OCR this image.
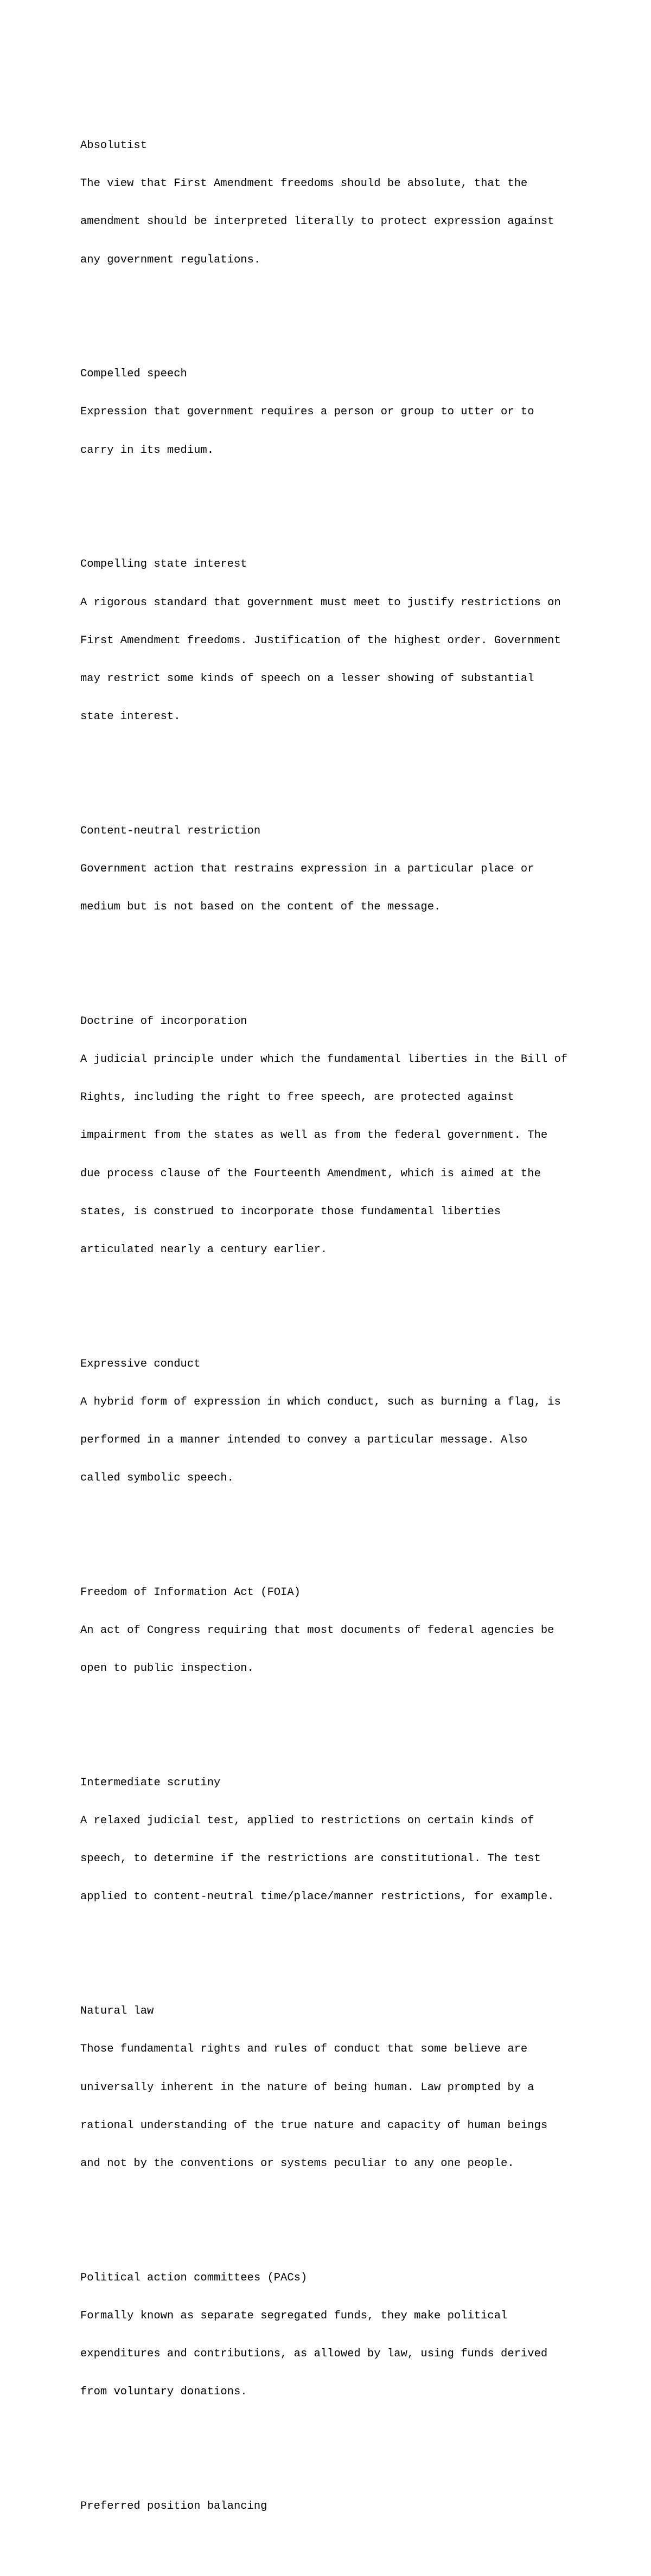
Absolutist

The view that First Amendment freedoms should be absolute, that the

amendment should be interpreted literally to protect expression against

any government regulations.

Compelled speech

Expression that government requires a person or group to utter or to

carry in its medium.

Compelling state interest

A rigorous standard that government must meet to justify restrictions on

First Amendment freedoms. Justification of the highest order. Government

may restrict some kinds of speech on a lesser showing of substantial

state interest.

Content-neutral restriction

Government action that restrains expression in a particular place or

medium but is not based on the content of the message.

Doctrine of incorporation

A judicial principle under which the fundamental liberties in the Bill of

Rights, including the right to free speech, are protected against

impairment from the states as well as from the federal government. The

due process clause of the Fourteenth Amendment, which is aimed at the

states, is construed to incorporate those fundamental liberties

articulated nearly a century earlier.

Expressive conduct

A hybrid form of expression in which conduct, such as burning a flag, is

performed in a manner intended to convey a particular message. Also

called symbolic speech.

Freedom of Information Act (FOIA)

An act of Congress requiring that most documents of federal agencies be

open to public inspection.

Intermediate scrutiny

A relaxed judicial test, applied to restrictions on certain kinds of

speech, to determine if the restrictions are constitutional. The test

applied to content-neutral time/place/manner restrictions, for example.

Natural law

Those fundamental rights and rules of conduct that some believe are

universally inherent in the nature of being human. Law prompted by a

rational understanding of the true nature and capacity of human beings

and not by the conventions or systems peculiar to any one people.

Political action committees (PACs)

Formally known as separate segregated funds, they make political

expenditures and contributions, as allowed by law, using funds derived

from voluntary donations.

Preferred position balancing
